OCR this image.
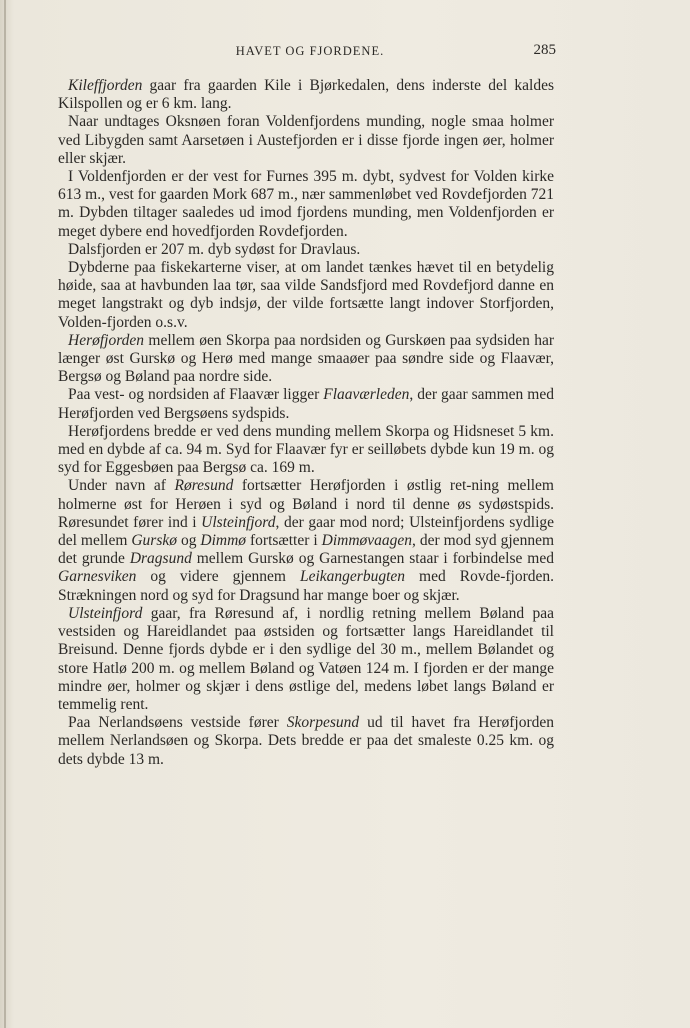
HAVET OG FJORDENE.	285

Kileffjorden gaar fra gaarden Kile i Bjørkedalen, dens inderste del kaldes Kilspollen og er 6 km. lang.

Naar undtages Oksnøen foran Voldenfjordens munding, nogle smaa holmer ved Libygden samt Aarsetøen i Austefjorden er i disse fjorde ingen øer, holmer eller skjær.

I Voldenfjorden er der vest for Furnes 395 m. dybt, sydvest for Volden kirke 613 m., vest for gaarden Mork 687 m., nær sammenløbet ved Rovdefjorden 721 m. Dybden tiltager saaledes ud imod fjordens munding, men Voldenfjorden er meget dybere end hovedfjorden Rovdefjorden.

Dalsfjorden er 207 m. dyb sydøst for Dravlaus.

Dybderne paa fiskekarterne viser, at om landet tænkes hævet til en betydelig høide, saa at havbunden laa tør, saa vilde Sandsfjord med Rovdefjord danne en meget langstrakt og dyb indsjø, der vilde fortsætte langt indover Storfjorden, Volden-fjorden o.s.v.

Herøfjorden mellem øen Skorpa paa nordsiden og Gurskøen paa sydsiden har længer øst Gurskø og Herø med mange smaaøer paa søndre side og Flaavær, Bergsø og Bøland paa nordre side.

Paa vest- og nordsiden af Flaavær ligger Flaaværleden, der gaar sammen med Herøfjorden ved Bergsøens sydspids.

Herøfjordens bredde er ved dens munding mellem Skorpa og Hidsneset 5 km. med en dybde af ca. 94 m. Syd for Flaavær fyr er seilløbets dybde kun 19 m. og syd for Eggesbøen paa Bergsø ca. 169 m.

Under navn af Røresund fortsætter Herøfjorden i østlig ret-ning mellem holmerne øst for Herøen i syd og Bøland i nord til denne øs sydøstspids. Røresundet fører ind i Ulsteinfjord, der gaar mod nord; Ulsteinfjordens sydlige del mellem Gurskø og Dimmø fortsætter i Dimmøvaagen, der mod syd gjennem det grunde Dragsund mellem Gurskø og Garnestangen staar i forbindelse med Garnesviken og videre gjennem Leikangerbugten med Rovde-fjorden. Strækningen nord og syd for Dragsund har mange boer og skjær.

Ulsteinfjord gaar, fra Røresund af, i nordlig retning mellem Bøland paa vestsiden og Hareidlandet paa østsiden og fortsætter langs Hareidlandet til Breisund. Denne fjords dybde er i den sydlige del 30 m., mellem Bølandet og store Hatlø 200 m. og mellem Bøland og Vatøen 124 m. I fjorden er der mange mindre øer, holmer og skjær i dens østlige del, medens løbet langs Bøland er temmelig rent.

Paa Nerlandsøens vestside fører Skorpesund ud til havet fra Herøfjorden mellem Nerlandsøen og Skorpa. Dets bredde er paa det smaleste 0.25 km. og dets dybde 13 m.
